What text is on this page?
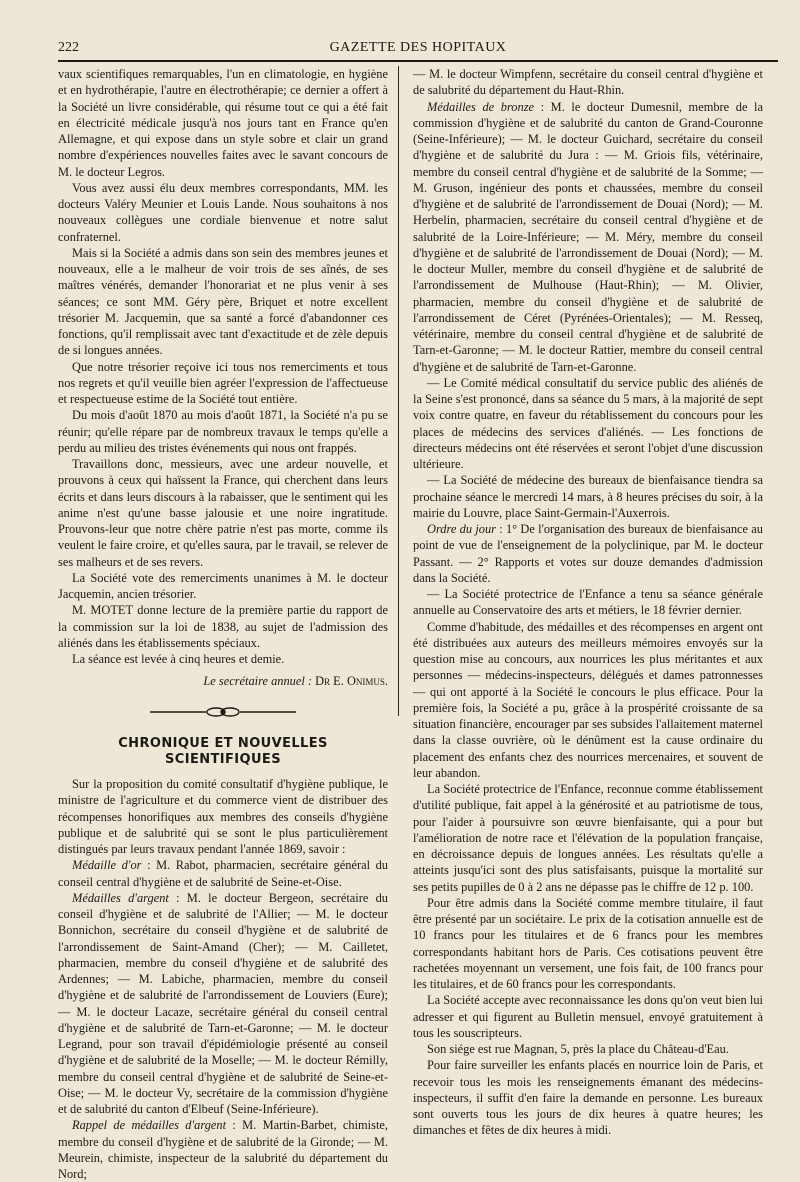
222	GAZETTE DES HOPITAUX

vaux scientifiques remarquables, l'un en climatologie, en hygiène et en hydrothérapie, l'autre en électrothérapie; ce dernier a offert à la Société un livre considérable, qui résume tout ce qui a été fait en électricité médicale jusqu'à nos jours tant en France qu'en Allemagne, et qui expose dans un style sobre et clair un grand nombre d'expériences nouvelles faites avec le savant concours de M. le docteur Legros.

Vous avez aussi élu deux membres correspondants, MM. les docteurs Valéry Meunier et Louis Lande. Nous souhaitons à nos nouveaux collègues une cordiale bienvenue et notre salut confraternel.

Mais si la Société a admis dans son sein des membres jeunes et nouveaux, elle a le malheur de voir trois de ses aînés, de ses maîtres vénérés, demander l'honorariat et ne plus venir à ses séances; ce sont MM. Géry père, Briquet et notre excellent trésorier M. Jacquemin, que sa santé a forcé d'abandonner ces fonctions, qu'il remplissait avec tant d'exactitude et de zèle depuis de si longues années.

Que notre trésorier reçoive ici tous nos remerciments et tous nos regrets et qu'il veuille bien agréer l'expression de l'affectueuse et respectueuse estime de la Société tout entière.

Du mois d'août 1870 au mois d'août 1871, la Société n'a pu se réunir; qu'elle répare par de nombreux travaux le temps qu'elle a perdu au milieu des tristes événements qui nous ont frappés.

Travaillons donc, messieurs, avec une ardeur nouvelle, et prouvons à ceux qui haïssent la France, qui cherchent dans leurs écrits et dans leurs discours à la rabaisser, que le sentiment qui les anime n'est qu'une basse jalousie et une noire ingratitude. Prouvons-leur que notre chère patrie n'est pas morte, comme ils veulent le faire croire, et qu'elles saura, par le travail, se relever de ses malheurs et de ses revers.

La Société vote des remerciments unanimes à M. le docteur Jacquemin, ancien trésorier.

M. MOTET donne lecture de la première partie du rapport de la commission sur la loi de 1838, au sujet de l'admission des aliénés dans les établissements spéciaux.

La séance est levée à cinq heures et demie.

Le secrétaire annuel : Dr E. Onimus.

CHRONIQUE ET NOUVELLES SCIENTIFIQUES

Sur la proposition du comité consultatif d'hygiène publique, le ministre de l'agriculture et du commerce vient de distribuer des récompenses honorifiques aux membres des conseils d'hygiène publique et de salubrité qui se sont le plus particulièrement distingués par leurs travaux pendant l'année 1869, savoir :

Médaille d'or : M. Rabot, pharmacien, secrétaire général du conseil central d'hygiène et de salubrité de Seine-et-Oise.

Médailles d'argent : M. le docteur Bergeon, secrétaire du conseil d'hygiène et de salubrité de l'Allier; — M. le docteur Bonnichon, secrétaire du conseil d'hygiène et de salubrité de l'arrondissement de Saint-Amand (Cher); — M. Cailletet, pharmacien, membre du conseil d'hygiène et de salubrité des Ardennes; — M. Labiche, pharmacien, membre du conseil d'hygiène et de salubrité de l'arrondissement de Louviers (Eure); — M. le docteur Lacaze, secrétaire général du conseil central d'hygiène et de salubrité de Tarn-et-Garonne; — M. le docteur Legrand, pour son travail d'épidémiologie présenté au conseil d'hygiène et de salubrité de la Moselle; — M. le docteur Rémilly, membre du conseil central d'hygiène et de salubrité de Seine-et-Oise; — M. le docteur Vy, secrétaire de la commission d'hygiène et de salubrité du canton d'Elbeuf (Seine-Inférieure).

Rappel de médailles d'argent : M. Martin-Barbet, chimiste, membre du conseil d'hygiène et de salubrité de la Gironde; — M. Meurein, chimiste, inspecteur de la salubrité du département du Nord;

— M. le docteur Wimpfenn, secrétaire du conseil central d'hygiène et de salubrité du département du Haut-Rhin.

Médailles de bronze : M. le docteur Dumesnil, membre de la commission d'hygiène et de salubrité du canton de Grand-Couronne (Seine-Inférieure); — M. le docteur Guichard, secrétaire du conseil d'hygiène et de salubrité du Jura : — M. Griois fils, vétérinaire, membre du conseil central d'hygiène et de salubrité de la Somme; — M. Gruson, ingénieur des ponts et chaussées, membre du conseil d'hygiène et de salubrité de l'arrondissement de Douai (Nord); — M. Herbelin, pharmacien, secrétaire du conseil central d'hygiène et de salubrité de la Loire-Inférieure; — M. Méry, membre du conseil d'hygiène et de salubrité de l'arrondissement de Douai (Nord); — M. le docteur Muller, membre du conseil d'hygiène et de salubrité de l'arrondissement de Mulhouse (Haut-Rhin); — M. Olivier, pharmacien, membre du conseil d'hygiène et de salubrité de l'arrondissement de Céret (Pyrénées-Orientales); — M. Resseq, vétérinaire, membre du conseil central d'hygiène et de salubrité de Tarn-et-Garonne; — M. le docteur Rattier, membre du conseil central d'hygiène et de salubrité de Tarn-et-Garonne.

— Le Comité médical consultatif du service public des aliénés de la Seine s'est prononcé, dans sa séance du 5 mars, à la majorité de sept voix contre quatre, en faveur du rétablissement du concours pour les places de médecins des services d'aliénés. — Les fonctions de directeurs médecins ont été réservées et seront l'objet d'une discussion ultérieure.

— La Société de médecine des bureaux de bienfaisance tiendra sa prochaine séance le mercredi 14 mars, à 8 heures précises du soir, à la mairie du Louvre, place Saint-Germain-l'Auxerrois.

Ordre du jour : 1° De l'organisation des bureaux de bienfaisance au point de vue de l'enseignement de la polyclinique, par M. le docteur Passant. — 2° Rapports et votes sur douze demandes d'admission dans la Société.

— La Société protectrice de l'Enfance a tenu sa séance générale annuelle au Conservatoire des arts et métiers, le 18 février dernier.

Comme d'habitude, des médailles et des récompenses en argent ont été distribuées aux auteurs des meilleurs mémoires envoyés sur la question mise au concours, aux nourrices les plus méritantes et aux personnes — médecins-inspecteurs, délégués et dames patronnesses — qui ont apporté à la Société le concours le plus efficace. Pour la première fois, la Société a pu, grâce à la prospérité croissante de sa situation financière, encourager par ses subsides l'allaitement maternel dans la classe ouvrière, où le dénûment est la cause ordinaire du placement des enfants chez des nourrices mercenaires, et souvent de leur abandon.

La Société protectrice de l'Enfance, reconnue comme établissement d'utilité publique, fait appel à la générosité et au patriotisme de tous, pour l'aider à poursuivre son œuvre bienfaisante, qui a pour but l'amélioration de notre race et l'élévation de la population française, en décroissance depuis de longues années. Les résultats qu'elle a atteints jusqu'ici sont des plus satisfaisants, puisque la mortalité sur ses petits pupilles de 0 à 2 ans ne dépasse pas le chiffre de 12 p. 100.

Pour être admis dans la Société comme membre titulaire, il faut être présenté par un sociétaire. Le prix de la cotisation annuelle est de 10 francs pour les titulaires et de 6 francs pour les membres correspondants habitant hors de Paris. Ces cotisations peuvent être rachetées moyennant un versement, une fois fait, de 100 francs pour les titulaires, et de 60 francs pour les correspondants.

La Société accepte avec reconnaissance les dons qu'on veut bien lui adresser et qui figurent au Bulletin mensuel, envoyé gratuitement à tous les souscripteurs.

Son siége est rue Magnan, 5, près la place du Château-d'Eau.

Pour faire surveiller les enfants placés en nourrice loin de Paris, et recevoir tous les mois les renseignements émanant des médecins-inspecteurs, il suffit d'en faire la demande en personne. Les bureaux sont ouverts tous les jours de dix heures à quatre heures; les dimanches et fêtes de dix heures à midi.
